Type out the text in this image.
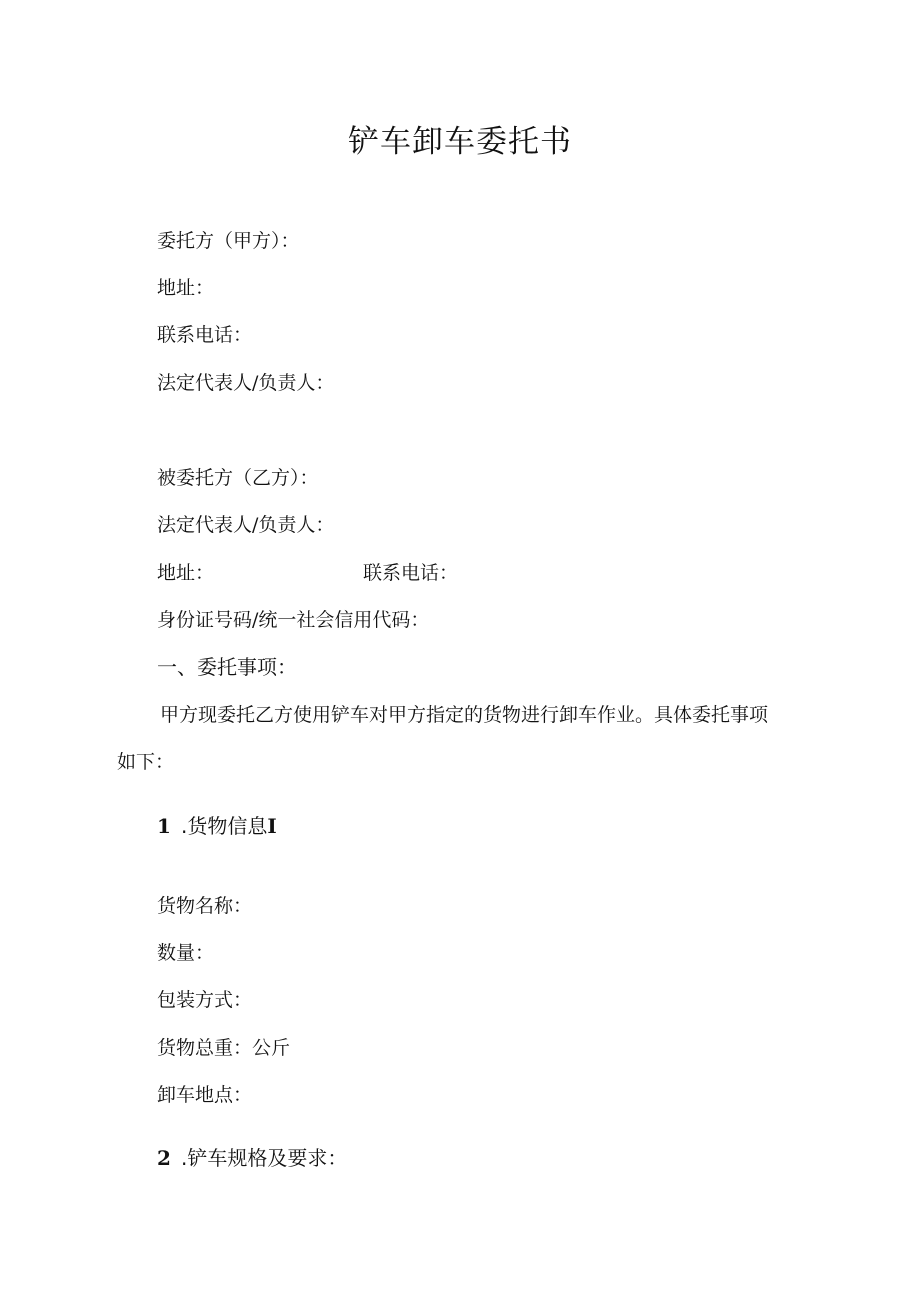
铲车卸车委托书
委托方（甲方）：
地址：
联系电话：
法定代表人/负责人：
被委托方（乙方）：
法定代表人/负责人：
地址：	联系电话：
身份证号码/统一社会信用代码：
一、委托事项：
甲方现委托乙方使用铲车对甲方指定的货物进行卸车作业。具体委托事项
如下：
1 .货物信息I
货物名称：
数量：
包装方式：
货物总重：公斤
卸车地点：
2 .铲车规格及要求：
